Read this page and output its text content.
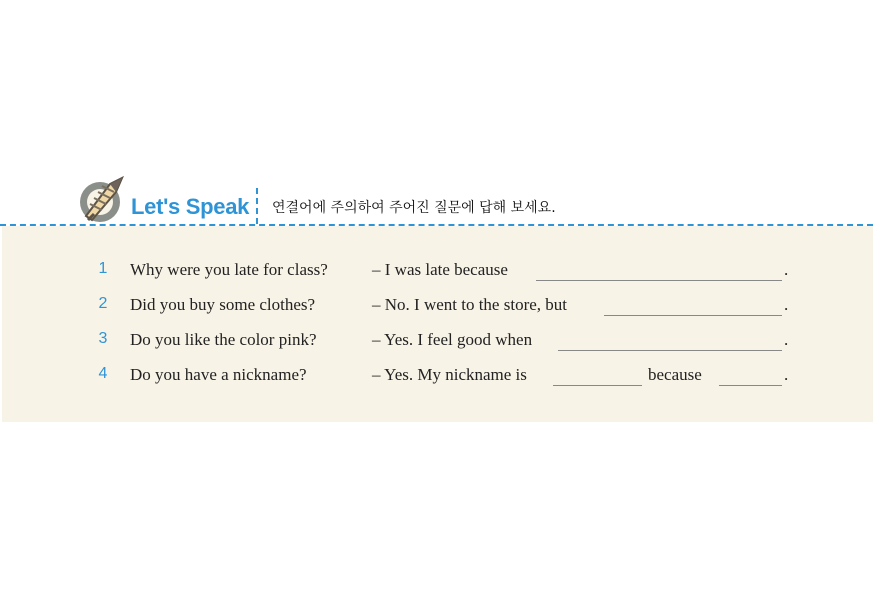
Let's Speak 연결어에 주의하여 주어진 질문에 답해 보세요.
1 Why were you late for class?	– I was late because	.
2 Did you buy some clothes?	– No. I went to the store, but	.
3 Do you like the color pink?	– Yes. I feel good when	.
4 Do you have a nickname?	– Yes. My nickname is	because	.
